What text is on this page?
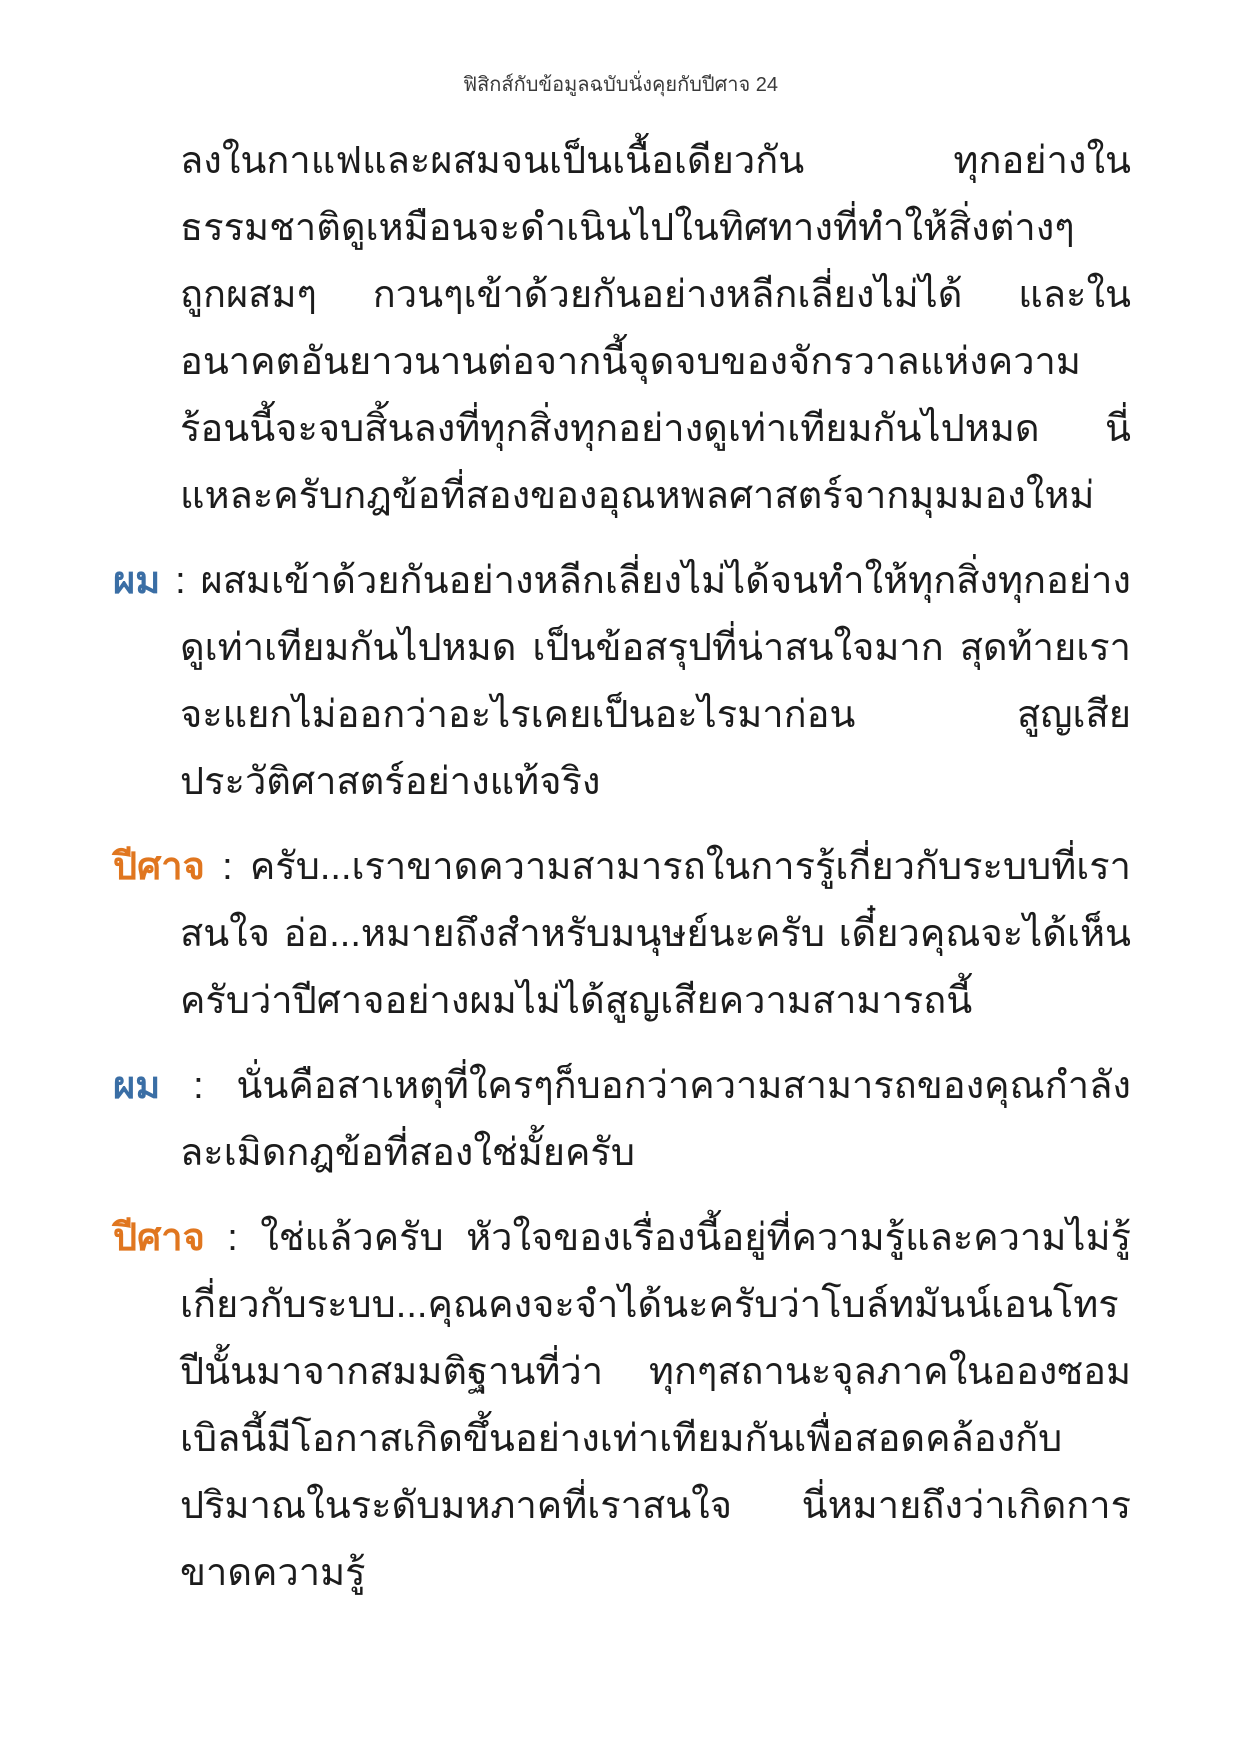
ฟิสิกส์กับข้อมูลฉบับนั่งคุยกับปีศาจ 24

ลงในกาแฟและผสมจนเป็นเนื้อเดียวกัน ทุกอย่างในธรรมชาติดูเหมือนจะดำเนินไปในทิศทางที่ทำให้สิ่งต่างๆ ถูกผสมๆ กวนๆเข้าด้วยกันอย่างหลีกเลี่ยงไม่ได้ และในอนาคตอันยาวนานต่อจากนี้จุดจบของจักรวาลแห่งความร้อนนี้จะจบสิ้นลงที่ทุกสิ่งทุกอย่างดูเท่าเทียมกันไปหมด นี่แหละครับกฎข้อที่สองของอุณหพลศาสตร์จากมุมมองใหม่

ผม : ผสมเข้าด้วยกันอย่างหลีกเลี่ยงไม่ได้จนทำให้ทุกสิ่งทุกอย่างดูเท่าเทียมกันไปหมด เป็นข้อสรุปที่น่าสนใจมาก สุดท้ายเราจะแยกไม่ออกว่าอะไรเคยเป็นอะไรมาก่อน สูญเสียประวัติศาสตร์อย่างแท้จริง

ปีศาจ : ครับ...เราขาดความสามารถในการรู้เกี่ยวกับระบบที่เราสนใจ อ่อ...หมายถึงสำหรับมนุษย์นะครับ เดี๋ยวคุณจะได้เห็นครับว่าปีศาจอย่างผมไม่ได้สูญเสียความสามารถนี้

ผม : นั่นคือสาเหตุที่ใครๆก็บอกว่าความสามารถของคุณกำลังละเมิดกฎข้อที่สองใช่มั้ยครับ

ปีศาจ : ใช่แล้วครับ หัวใจของเรื่องนี้อยู่ที่ความรู้และความไม่รู้เกี่ยวกับระบบ...คุณคงจะจำได้นะครับว่าโบล์ทมันน์เอนโทรปีนั้นมาจากสมมติฐานที่ว่า ทุกๆสถานะจุลภาคในอองซอมเบิลนี้มีโอกาสเกิดขึ้นอย่างเท่าเทียมกันเพื่อสอดคล้องกับปริมาณในระดับมหภาคที่เราสนใจ นี่หมายถึงว่าเกิดการขาดความรู้
